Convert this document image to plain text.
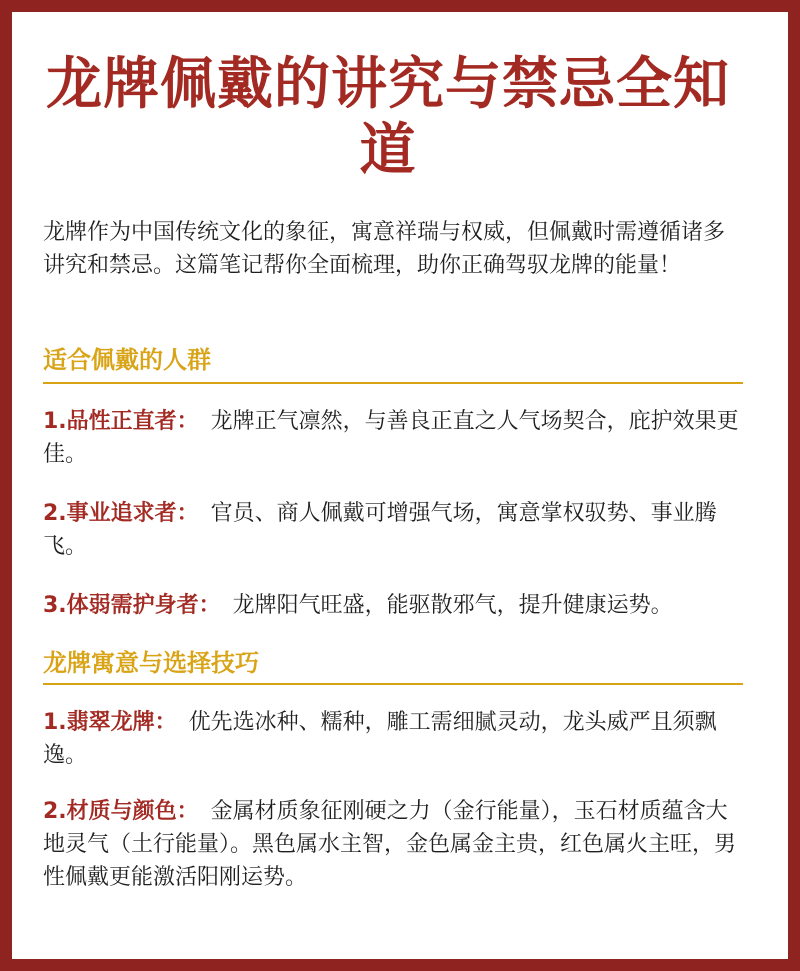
龙牌佩戴的讲究与禁忌全知道
龙牌作为中国传统文化的象征，寓意祥瑞与权威，但佩戴时需遵循诸多讲究和禁忌。这篇笔记帮你全面梳理，助你正确驾驭龙牌的能量！
适合佩戴的人群
1.品性正直者： 龙牌正气凛然，与善良正直之人气场契合，庇护效果更佳。
2.事业追求者： 官员、商人佩戴可增强气场，寓意掌权驭势、事业腾飞。
3.体弱需护身者： 龙牌阳气旺盛，能驱散邪气，提升健康运势。
龙牌寓意与选择技巧
1.翡翠龙牌： 优先选冰种、糯种，雕工需细腻灵动，龙头威严且须飘逸。
2.材质与颜色： 金属材质象征刚硬之力（金行能量），玉石材质蕴含大地灵气（土行能量）。黑色属水主智，金色属金主贵，红色属火主旺，男性佩戴更能激活阳刚运势。
